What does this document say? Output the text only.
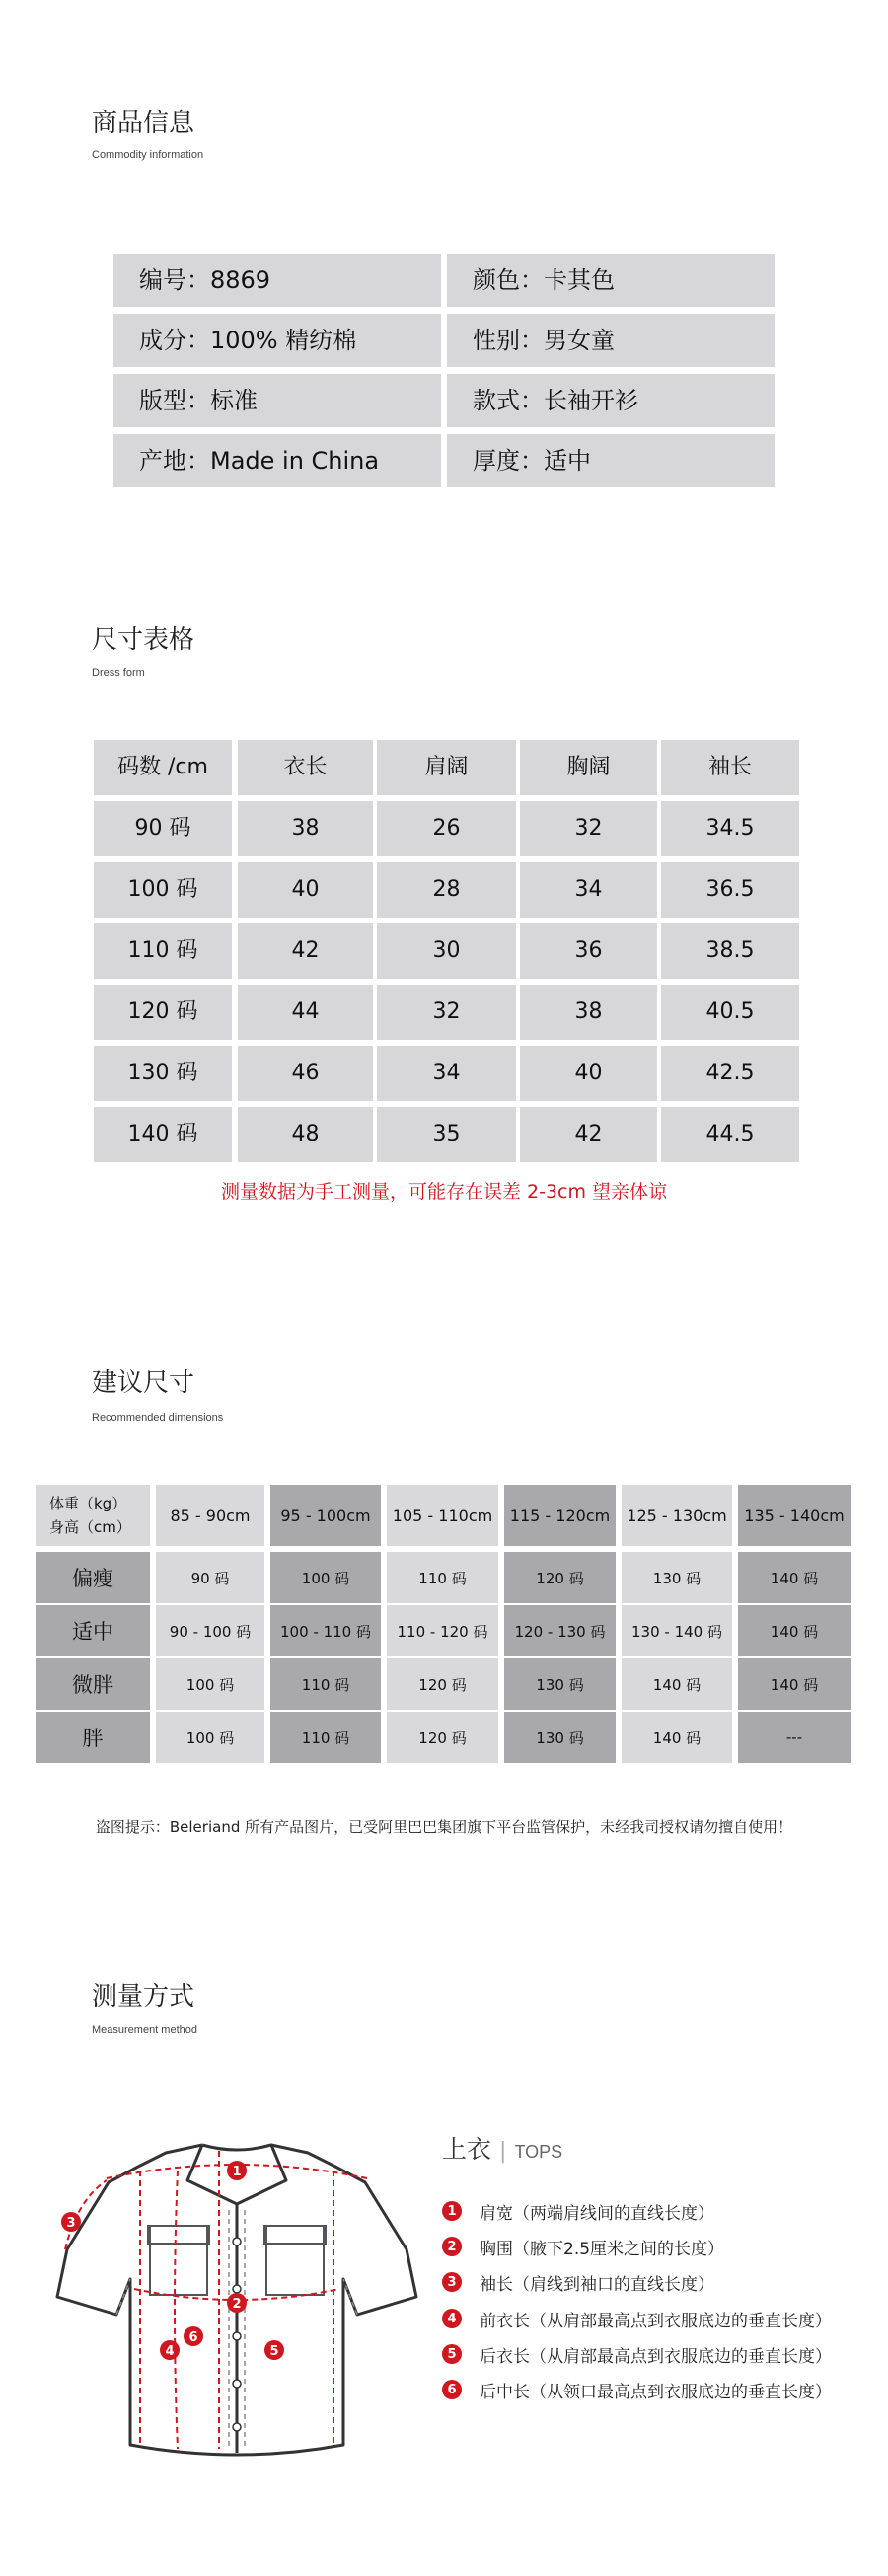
商品信息
Commodity information
编号：8869	颜色：卡其色
成分：100% 精纺棉	性别：男女童
版型：标准	款式：长袖开衫
产地：Made in China	厚度：适中
尺寸表格
Dress form
码数 /cm	衣长	肩阔	胸阔	袖长
90 码	38	26	32	34.5
100 码	40	28	34	36.5
110 码	42	30	36	38.5
120 码	44	32	38	40.5
130 码	46	34	40	42.5
140 码	48	35	42	44.5
测量数据为手工测量，可能存在误差 2-3cm 望亲体谅
建议尺寸
Recommended dimensions
体重（kg）
身高（cm）
85 - 90cm	95 - 100cm	105 - 110cm	115 - 120cm	125 - 130cm	135 - 140cm
偏瘦	90 码	100 码	110 码	120 码	130 码	140 码
适中	90 - 100 码	100 - 110 码	110 - 120 码	120 - 130 码	130 - 140 码	140 码
微胖	100 码	110 码	120 码	130 码	140 码	140 码
胖	100 码	110 码	120 码	130 码	140 码	---
盗图提示：Beleriand 所有产品图片，已受阿里巴巴集团旗下平台监管保护，未经我司授权请勿擅自使用！
测量方式
Measurement method
1
2
3
4	5
6
上衣 | TOPS
1	肩宽（两端肩线间的直线长度）
2	胸围（腋下2.5厘米之间的长度）
3	袖长（肩线到袖口的直线长度）
4	前衣长（从肩部最高点到衣服底边的垂直长度）
5	后衣长（从肩部最高点到衣服底边的垂直长度）
6	后中长（从领口最高点到衣服底边的垂直长度）
